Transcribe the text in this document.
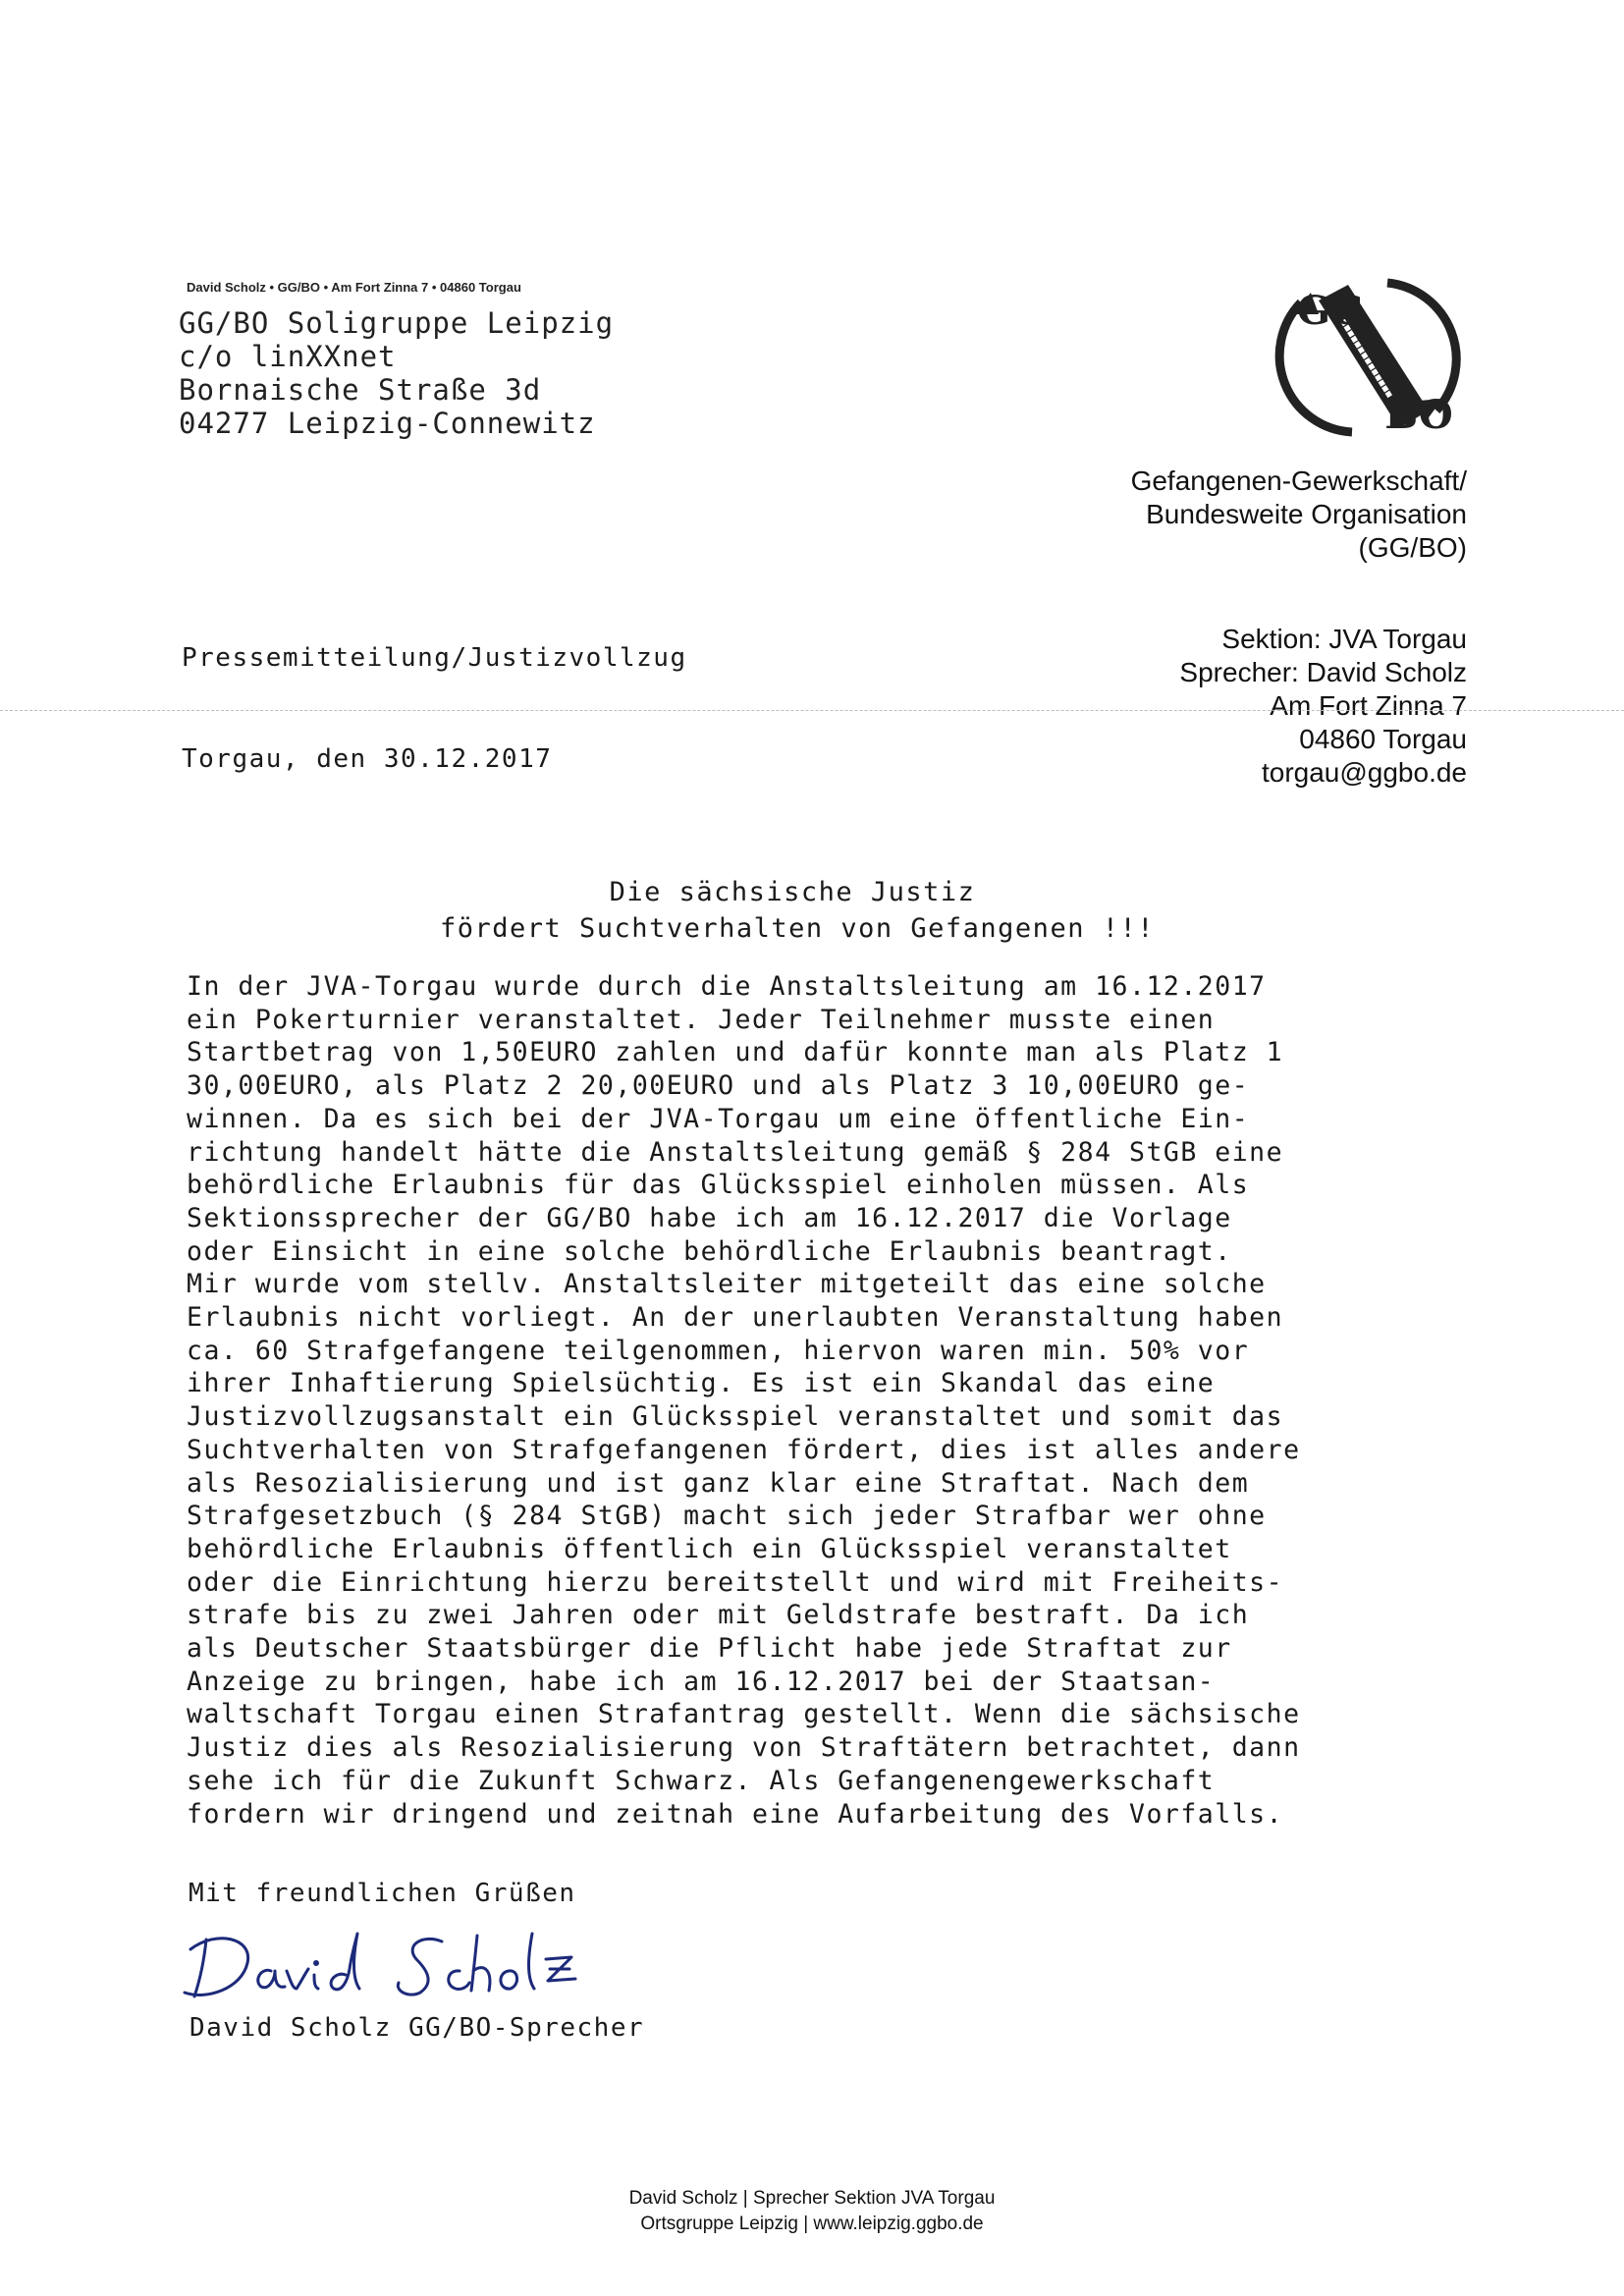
David Scholz • GG/BO • Am Fort Zinna 7 • 04860 Torgau
GG/BO Soligruppe Leipzig
c/o linXXnet
Bornaische Straße 3d
04277 Leipzig-Connewitz
■■■■■■■■■■■■■■
GG
BO
Gefangenen-Gewerkschaft/
Bundesweite Organisation
(GG/BO)
Sektion: JVA Torgau
Sprecher: David Scholz
Am Fort Zinna 7
04860 Torgau
torgau@ggbo.de
Pressemitteilung/Justizvollzug
Torgau, den 30.12.2017
Die sächsische Justiz
fördert Suchtverhalten von Gefangenen !!!
In der JVA-Torgau wurde durch die Anstaltsleitung am 16.12.2017
ein Pokerturnier veranstaltet. Jeder Teilnehmer musste einen
Startbetrag von 1,50EURO zahlen und dafür konnte man als Platz 1
30,00EURO, als Platz 2 20,00EURO und als Platz 3 10,00EURO ge-
winnen. Da es sich bei der JVA-Torgau um eine öffentliche Ein-
richtung handelt hätte die Anstaltsleitung gemäß § 284 StGB eine
behördliche Erlaubnis für das Glücksspiel einholen müssen. Als
Sektionssprecher der GG/BO habe ich am 16.12.2017 die Vorlage
oder Einsicht in eine solche behördliche Erlaubnis beantragt.
Mir wurde vom stellv. Anstaltsleiter mitgeteilt das eine solche
Erlaubnis nicht vorliegt. An der unerlaubten Veranstaltung haben
ca. 60 Strafgefangene teilgenommen, hiervon waren min. 50% vor
ihrer Inhaftierung Spielsüchtig. Es ist ein Skandal das eine
Justizvollzugsanstalt ein Glücksspiel veranstaltet und somit das
Suchtverhalten von Strafgefangenen fördert, dies ist alles andere
als Resozialisierung und ist ganz klar eine Straftat. Nach dem
Strafgesetzbuch (§ 284 StGB) macht sich jeder Strafbar wer ohne
behördliche Erlaubnis öffentlich ein Glücksspiel veranstaltet
oder die Einrichtung hierzu bereitstellt und wird mit Freiheits-
strafe bis zu zwei Jahren oder mit Geldstrafe bestraft. Da ich
als Deutscher Staatsbürger die Pflicht habe jede Straftat zur
Anzeige zu bringen, habe ich am 16.12.2017 bei der Staatsan-
waltschaft Torgau einen Strafantrag gestellt. Wenn die sächsische
Justiz dies als Resozialisierung von Straftätern betrachtet, dann
sehe ich für die Zukunft Schwarz. Als Gefangenengewerkschaft
fordern wir dringend und zeitnah eine Aufarbeitung des Vorfalls.
Mit freundlichen Grüßen
David Scholz GG/BO-Sprecher
David Scholz | Sprecher Sektion JVA Torgau
Ortsgruppe Leipzig | www.leipzig.ggbo.de
